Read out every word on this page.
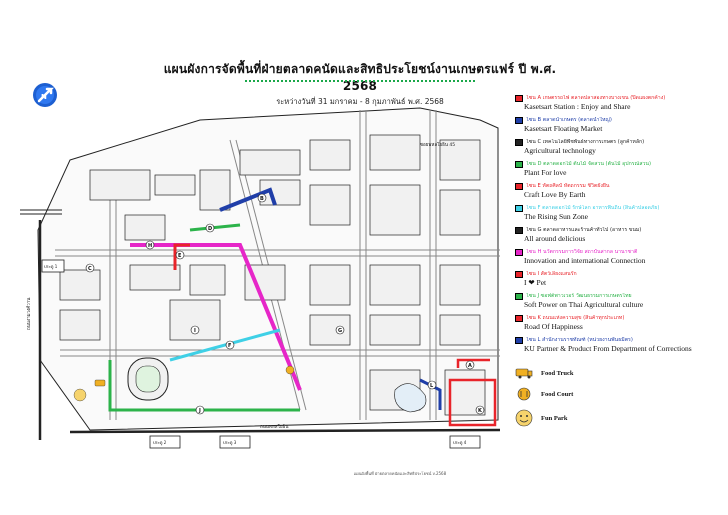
N
แผนผังการจัดพื้นที่ฝ่ายตลาดคนัดและสิทธิประโยชน์งานเกษตรแฟร์ ปี พ.ศ. 2568
ระหว่างวันที่ 31 มกราคม - 8 กุมภาพันธ์ พ.ศ. 2568
ประตู 1
ประตู 2	ประตู 3	ประตู 4
ถนนพหลโยธิน
ถนนงามวงศ์วาน
ซอยพหลโยธิน 45
A
B
C
D
E
F
G
H
I
J	K
L
โซน A เกษตรรถไฟ ตลาดปลาสองทางบางเขน (ปิดแผงตกค้าง)
Kasetsart Station : Enjoy and Share
โซน B ตลาดน้ำเกษตร (ตลาดน้ำใหญ่)
Kasetsart Floating Market
โซน C เทคโนโลยีพืชพันธ์ทางการเกษตร (ลูกค้าหลัก)
Agricultural technology
โซน D ตลาดดอกไม้ ต้นไม้ จัดสวน (ต้นไม้ อุปกรณ์สวน)
Plant For love
โซน E หัตถศิลป์ หัตถกรรม ชีวิตยั่งยืน
Craft Love By Earth
โซน F ตลาดดอกไม้ รักษ์โลก อาหารพื้นถิ่น (สินค้าปลอดภัย)
The Rising Sun Zone
โซน G ตลาดอาหารและร้านค้าทั่วไป (อาหาร ขนม)
All around delicious
โซน H นวัตกรรมการวิจัย สถาบันสากล นานาชาติ
Innovation and international Connection
โซน I สัตว์เลี้ยงแสนรัก
I ❤ Pet
โซน J ซอฟต์พาวเวอร์ วัฒนธรรมการเกษตรไทย
Soft Power on Thai Agricultural culture
โซน K ถนนแห่งความสุข (สินค้าทุกประเภท)
Road Of Happiness
โซน L สำนักงานราชทัณฑ์ (หน่วยงานพันธมิตร)
KU Partner & Product From Department of Corrections
Food Truck
Food Court
Fun Park
แผนผังพื้นที่ ฝ่ายตลาดคนัดและสิทธิประโยชน์ v.2568
